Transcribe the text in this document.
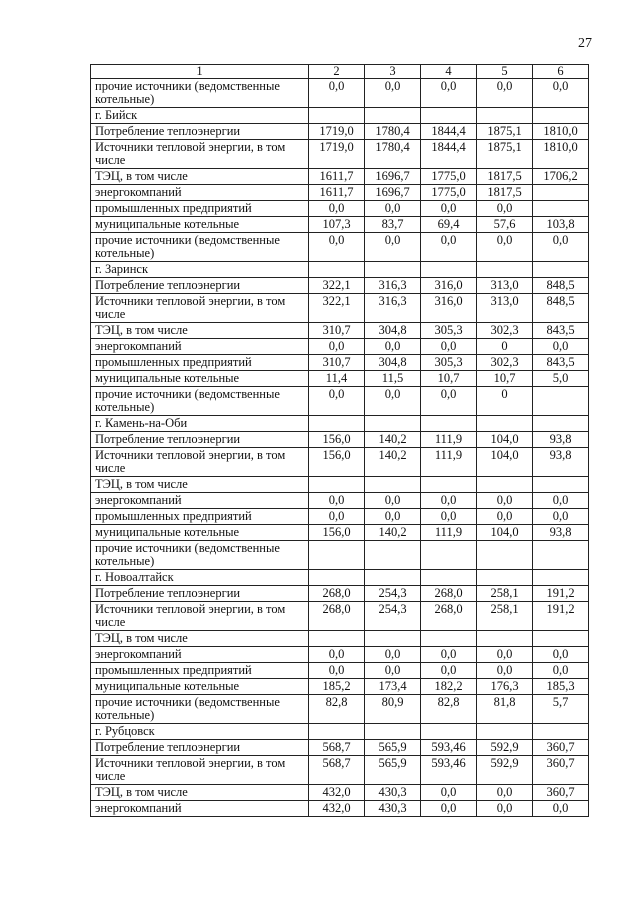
27
1	2	3	4	5	6
прочие источники (ведомственные котельные)	0,0	0,0	0,0	0,0	0,0
г. Бийск					
Потребление теплоэнергии	1719,0	1780,4	1844,4	1875,1	1810,0
Источники тепловой энергии, в том числе	1719,0	1780,4	1844,4	1875,1	1810,0
ТЭЦ, в том числе	1611,7	1696,7	1775,0	1817,5	1706,2
энергокомпаний	1611,7	1696,7	1775,0	1817,5	
промышленных предприятий	0,0	0,0	0,0	0,0	
муниципальные котельные	107,3	83,7	69,4	57,6	103,8
прочие источники (ведомственные котельные)	0,0	0,0	0,0	0,0	0,0
г. Заринск					
Потребление теплоэнергии	322,1	316,3	316,0	313,0	848,5
Источники тепловой энергии, в том числе	322,1	316,3	316,0	313,0	848,5
ТЭЦ, в том числе	310,7	304,8	305,3	302,3	843,5
энергокомпаний	0,0	0,0	0,0	0	0,0
промышленных предприятий	310,7	304,8	305,3	302,3	843,5
муниципальные котельные	11,4	11,5	10,7	10,7	5,0
прочие источники (ведомственные котельные)	0,0	0,0	0,0	0	
г. Камень-на-Оби					
Потребление теплоэнергии	156,0	140,2	111,9	104,0	93,8
Источники тепловой энергии, в том числе	156,0	140,2	111,9	104,0	93,8
ТЭЦ, в том числе					
энергокомпаний	0,0	0,0	0,0	0,0	0,0
промышленных предприятий	0,0	0,0	0,0	0,0	0,0
муниципальные котельные	156,0	140,2	111,9	104,0	93,8
прочие источники (ведомственные котельные)					
г. Новоалтайск					
Потребление теплоэнергии	268,0	254,3	268,0	258,1	191,2
Источники тепловой энергии, в том числе	268,0	254,3	268,0	258,1	191,2
ТЭЦ, в том числе					
энергокомпаний	0,0	0,0	0,0	0,0	0,0
промышленных предприятий	0,0	0,0	0,0	0,0	0,0
муниципальные котельные	185,2	173,4	182,2	176,3	185,3
прочие источники (ведомственные котельные)	82,8	80,9	82,8	81,8	5,7
г. Рубцовск					
Потребление теплоэнергии	568,7	565,9	593,46	592,9	360,7
Источники тепловой энергии, в том числе	568,7	565,9	593,46	592,9	360,7
ТЭЦ, в том числе	432,0	430,3	0,0	0,0	360,7
энергокомпаний	432,0	430,3	0,0	0,0	0,0
